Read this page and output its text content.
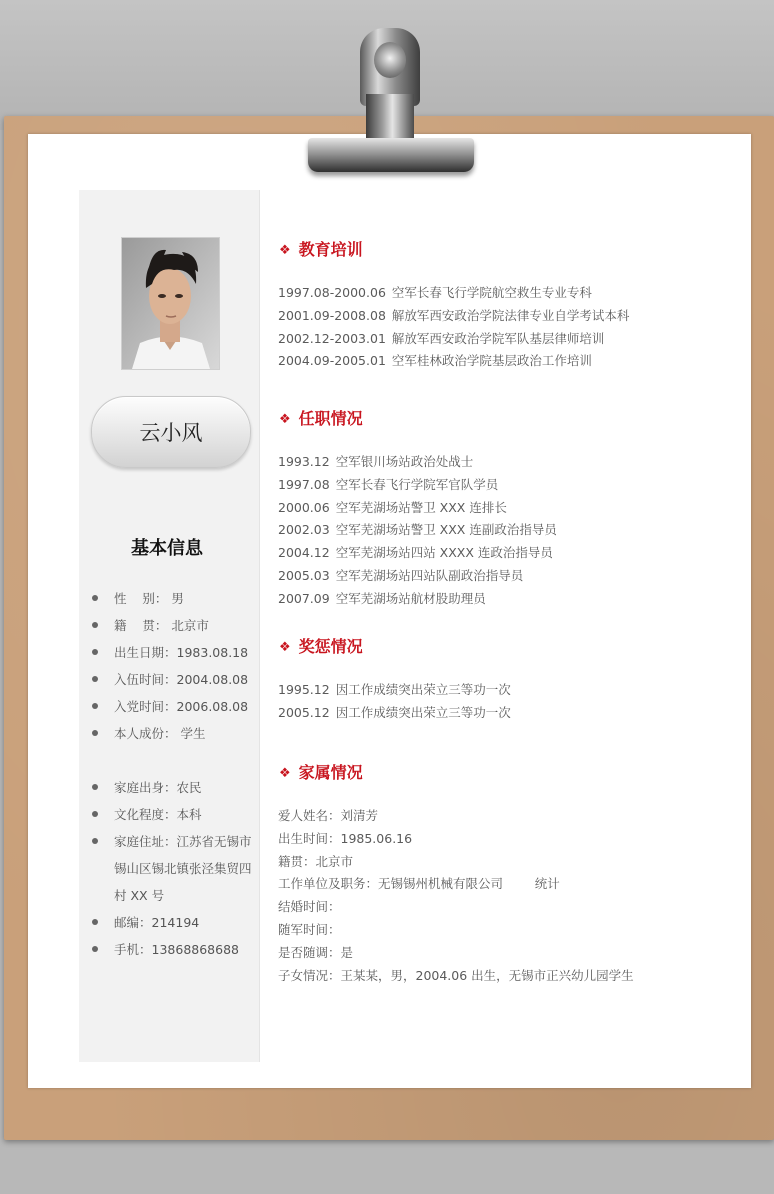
云小风
基本信息
性    别： 男
籍    贯： 北京市
出生日期：1983.08.18
入伍时间：2004.08.08
入党时间：2006.08.08
本人成份： 学生
家庭出身：农民
文化程度：本科
家庭住址：江苏省无锡市锡山区锡北镇张泾集贸四村 XX 号
邮编：214194
手机：13868868688
❖ 教育培训
1997.08-2000.06 空军长春飞行学院航空救生专业专科
2001.09-2008.08 解放军西安政治学院法律专业自学考试本科
2002.12-2003.01 解放军西安政治学院军队基层律师培训
2004.09-2005.01 空军桂林政治学院基层政治工作培训
❖ 任职情况
1993.12 空军银川场站政治处战士
1997.08 空军长春飞行学院军官队学员
2000.06 空军芜湖场站警卫 XXX 连排长
2002.03 空军芜湖场站警卫 XXX 连副政治指导员
2004.12 空军芜湖场站四站 XXXX 连政治指导员
2005.03 空军芜湖场站四站队副政治指导员
2007.09 空军芜湖场站航材股助理员
❖ 奖惩情况
1995.12 因工作成绩突出荣立三等功一次
2005.12 因工作成绩突出荣立三等功一次
❖ 家属情况
爱人姓名：刘清芳
出生时间：1985.06.16
籍贯：北京市
工作单位及职务：无锡锡州机械有限公司        统计
结婚时间：
随军时间：
是否随调：是
子女情况：王某某，男，2004.06 出生，无锡市正兴幼儿园学生
